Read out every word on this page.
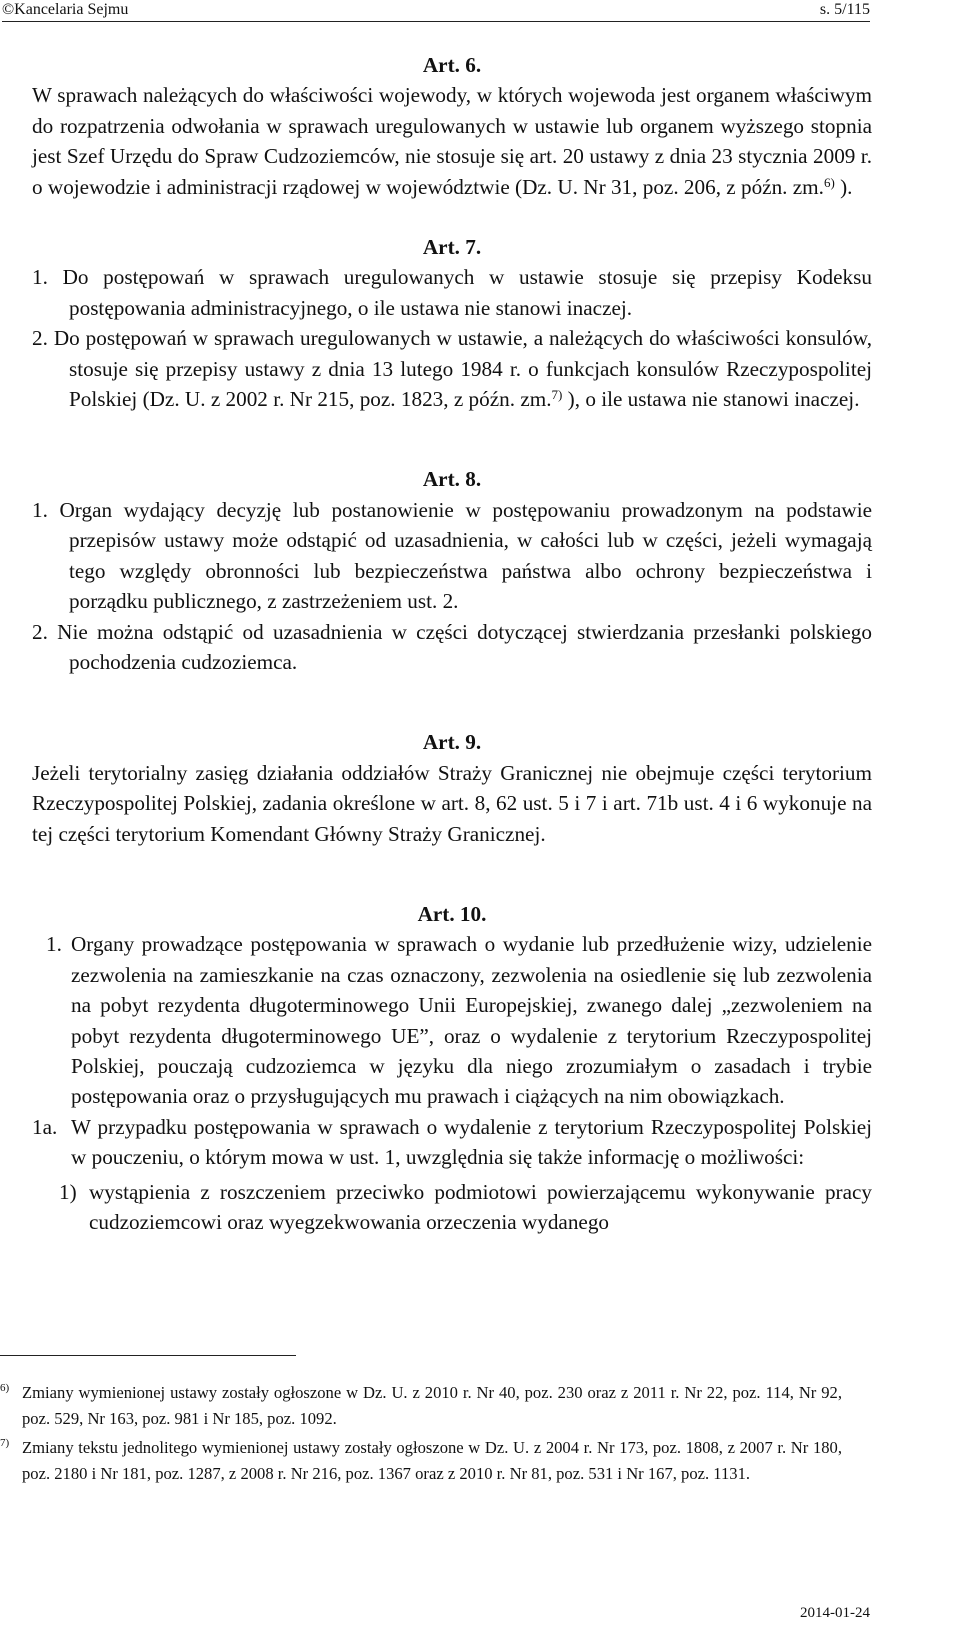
©Kancelaria Sejmu	s. 5/115
Art. 6.

W sprawach należących do właściwości wojewody, w których wojewoda jest organem właściwym do rozpatrzenia odwołania w sprawach uregulowanych w ustawie lub organem wyższego stopnia jest Szef Urzędu do Spraw Cudzoziemców, nie stosuje się art. 20 ustawy z dnia 23 stycznia 2009 r. o wojewodzie i administracji rządowej w województwie (Dz. U. Nr 31, poz. 206, z późn. zm.$^{6)}$ ).

Art. 7.

1. Do postępowań w sprawach uregulowanych w ustawie stosuje się przepisy Kodeksu postępowania administracyjnego, o ile ustawa nie stanowi inaczej.

2. Do postępowań w sprawach uregulowanych w ustawie, a należących do właściwości konsulów, stosuje się przepisy ustawy z dnia 13 lutego 1984 r. o funkcjach konsulów Rzeczypospolitej Polskiej (Dz. U. z 2002 r. Nr 215, poz. 1823, z późn. zm.$^{7)}$ ), o ile ustawa nie stanowi inaczej.

Art. 8.

1. Organ wydający decyzję lub postanowienie w postępowaniu prowadzonym na podstawie przepisów ustawy może odstąpić od uzasadnienia, w całości lub w części, jeżeli wymagają tego względy obronności lub bezpieczeństwa państwa albo ochrony bezpieczeństwa i porządku publicznego, z zastrzeżeniem ust. 2.

2. Nie można odstąpić od uzasadnienia w części dotyczącej stwierdzania przesłanki polskiego pochodzenia cudzoziemca.

Art. 9.

Jeżeli terytorialny zasięg działania oddziałów Straży Granicznej nie obejmuje części terytorium Rzeczypospolitej Polskiej, zadania określone w art. 8, 62 ust. 5 i 7 i art. 71b ust. 4 i 6 wykonuje na tej części terytorium Komendant Główny Straży Granicznej.

Art. 10.
1. Organy prowadzące postępowania w sprawach o wydanie lub przedłużenie wizy, udzielenie zezwolenia na zamieszkanie na czas oznaczony, zezwolenia na osiedlenie się lub zezwolenia na pobyt rezydenta długoterminowego Unii Europejskiej, zwanego dalej „zezwoleniem na pobyt rezydenta długoterminowego UE”, oraz o wydalenie z terytorium Rzeczypospolitej Polskiej, pouczają cudzoziemca w języku dla niego zrozumiałym o zasadach i trybie postępowania oraz o przysługujących mu prawach i ciążących na nim obowiązkach.
1a. W przypadku postępowania w sprawach o wydalenie z terytorium Rzeczypospolitej Polskiej w pouczeniu, o którym mowa w ust. 1, uwzględnia się także informację o możliwości:
1) wystąpienia z roszczeniem przeciwko podmiotowi powierzającemu wykonywanie pracy cudzoziemcowi oraz wyegzekwowania orzeczenia wydanego
6) Zmiany wymienionej ustawy zostały ogłoszone w Dz. U. z 2010 r. Nr 40, poz. 230 oraz z 2011 r. Nr 22, poz. 114, Nr 92, poz. 529, Nr 163, poz. 981 i Nr 185, poz. 1092.
7) Zmiany tekstu jednolitego wymienionej ustawy zostały ogłoszone w Dz. U. z 2004 r. Nr 173, poz. 1808, z 2007 r. Nr 180, poz. 2180 i Nr 181, poz. 1287, z 2008 r. Nr 216, poz. 1367 oraz z 2010 r. Nr 81, poz. 531 i Nr 167, poz. 1131.
2014-01-24
